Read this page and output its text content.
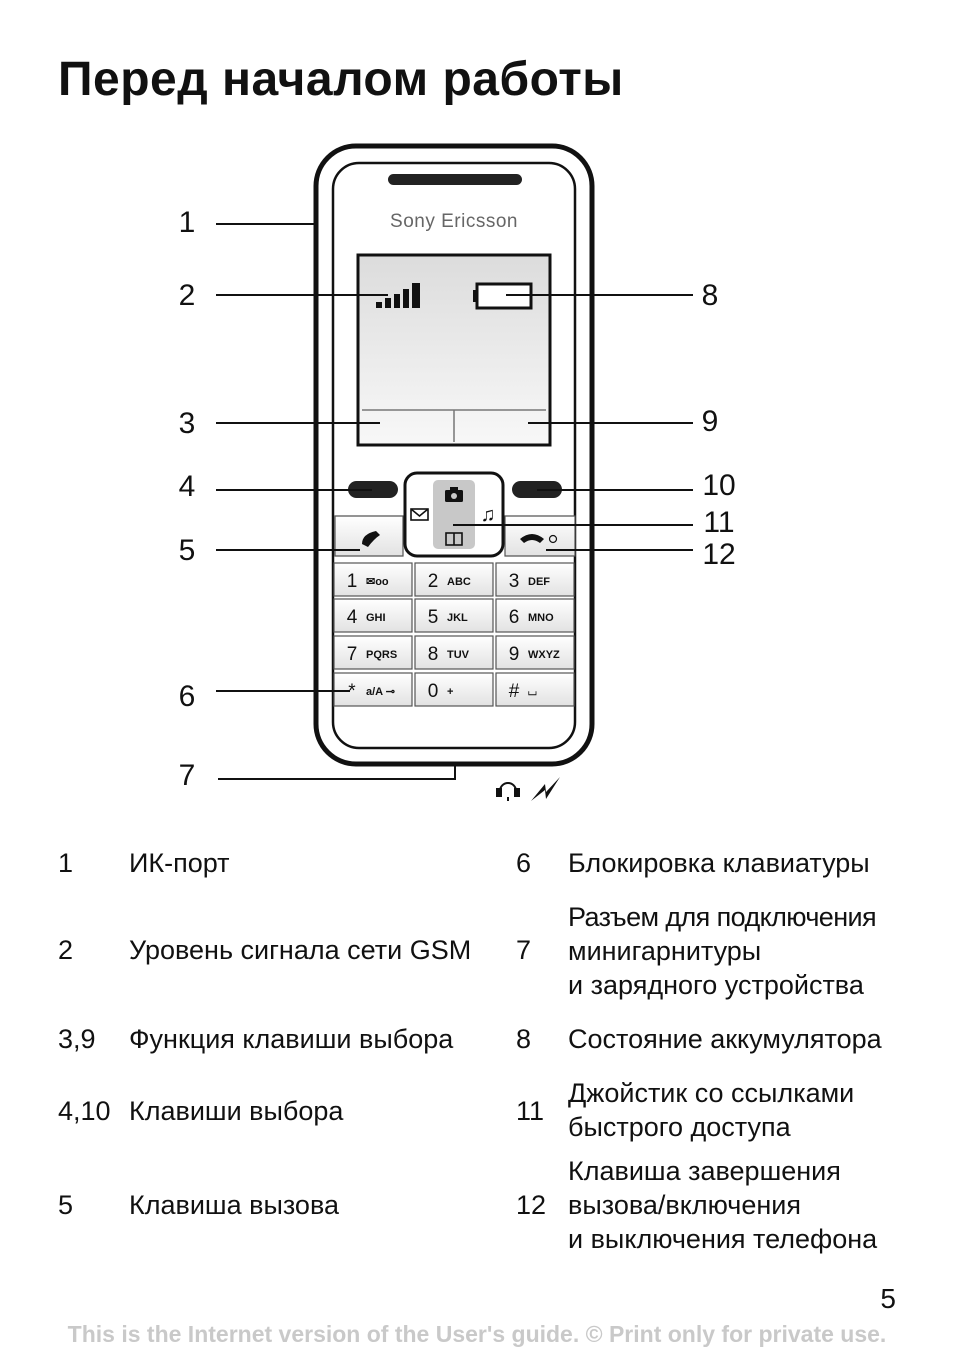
Перед началом работы
Sony Ericsson
♫
1 ✉oo 2 ABC 3 DEF
4 GHI 5 JKL 6 MNO
7 PQRS 8 TUV 9 WXYZ
* a/A ⊸ 0 +	# ⌴
1
2
3
4
5
6
7
8
9
10
11
12
1 ИК-порт
2 Уровень сигнала сети GSM
3,9 Функция клавиши выбора
4,10 Клавиши выбора
5 Клавиша вызова
6 Блокировка клавиатуры
7
Разъем для подключения
минигарнитуры
и зарядного устройства
8 Состояние аккумулятора
11
Джойстик со ссылками
быстрого доступа
12
Клавиша завершения
вызова/включения
и выключения телефона
5
This is the Internet version of the User's guide. © Print only for private use.
